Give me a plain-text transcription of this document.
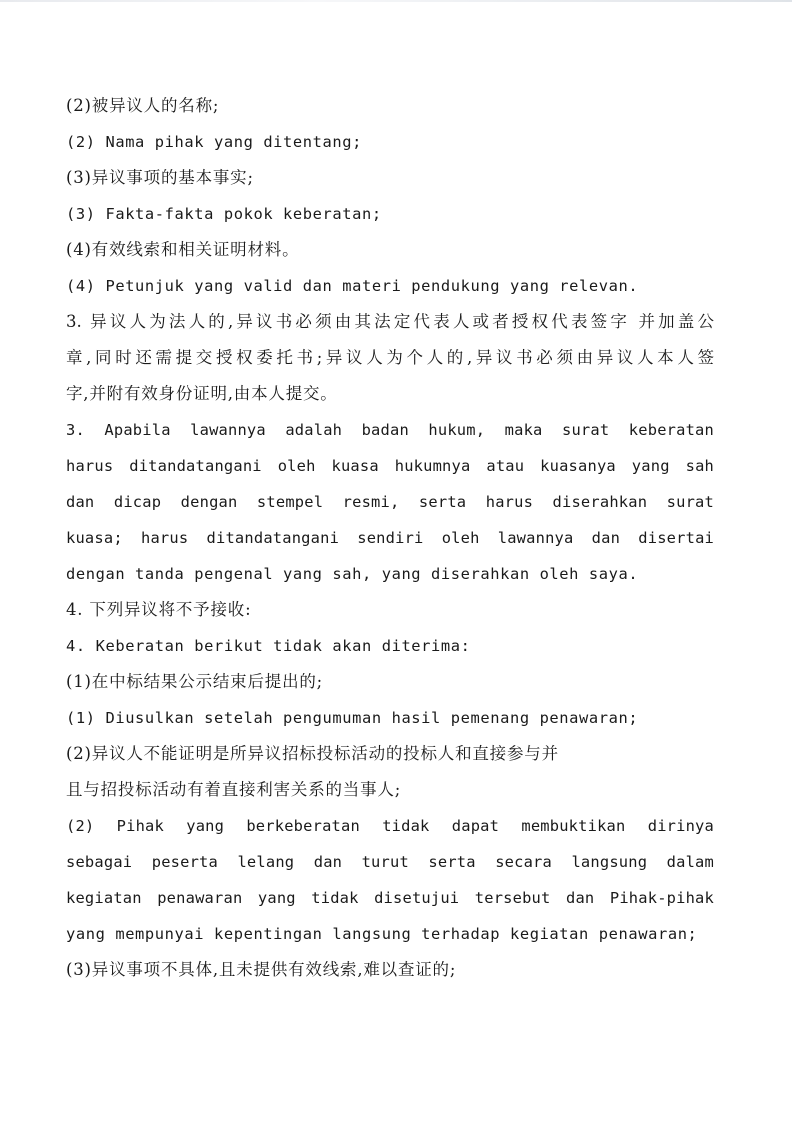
(2)被异议人的名称;
(2) Nama pihak yang ditentang;
(3)异议事项的基本事实;
(3) Fakta-fakta pokok keberatan;
(4)有效线索和相关证明材料。
(4) Petunjuk yang valid dan materi pendukung yang relevan.
3. 异议人为法人的,异议书必须由其法定代表人或者授权代表签字 并加盖公
章,同时还需提交授权委托书;异议人为个人的,异议书必须由异议人本人签
字,并附有效身份证明,由本人提交。
3. Apabila lawannya adalah badan hukum, maka surat keberatan
harus ditandatangani oleh kuasa hukumnya atau kuasanya yang sah
dan dicap dengan stempel resmi, serta harus diserahkan surat
kuasa; harus ditandatangani sendiri oleh lawannya dan disertai
dengan tanda pengenal yang sah, yang diserahkan oleh saya.
4. 下列异议将不予接收:
4. Keberatan berikut tidak akan diterima:
(1)在中标结果公示结束后提出的;
(1) Diusulkan setelah pengumuman hasil pemenang penawaran;
(2)异议人不能证明是所异议招标投标活动的投标人和直接参与并
且与招投标活动有着直接利害关系的当事人;
(2) Pihak yang berkeberatan tidak dapat membuktikan dirinya
sebagai peserta lelang dan turut serta secara langsung dalam
kegiatan penawaran yang tidak disetujui tersebut dan Pihak-pihak
yang mempunyai kepentingan langsung terhadap kegiatan penawaran;
(3)异议事项不具体,且未提供有效线索,难以查证的;
